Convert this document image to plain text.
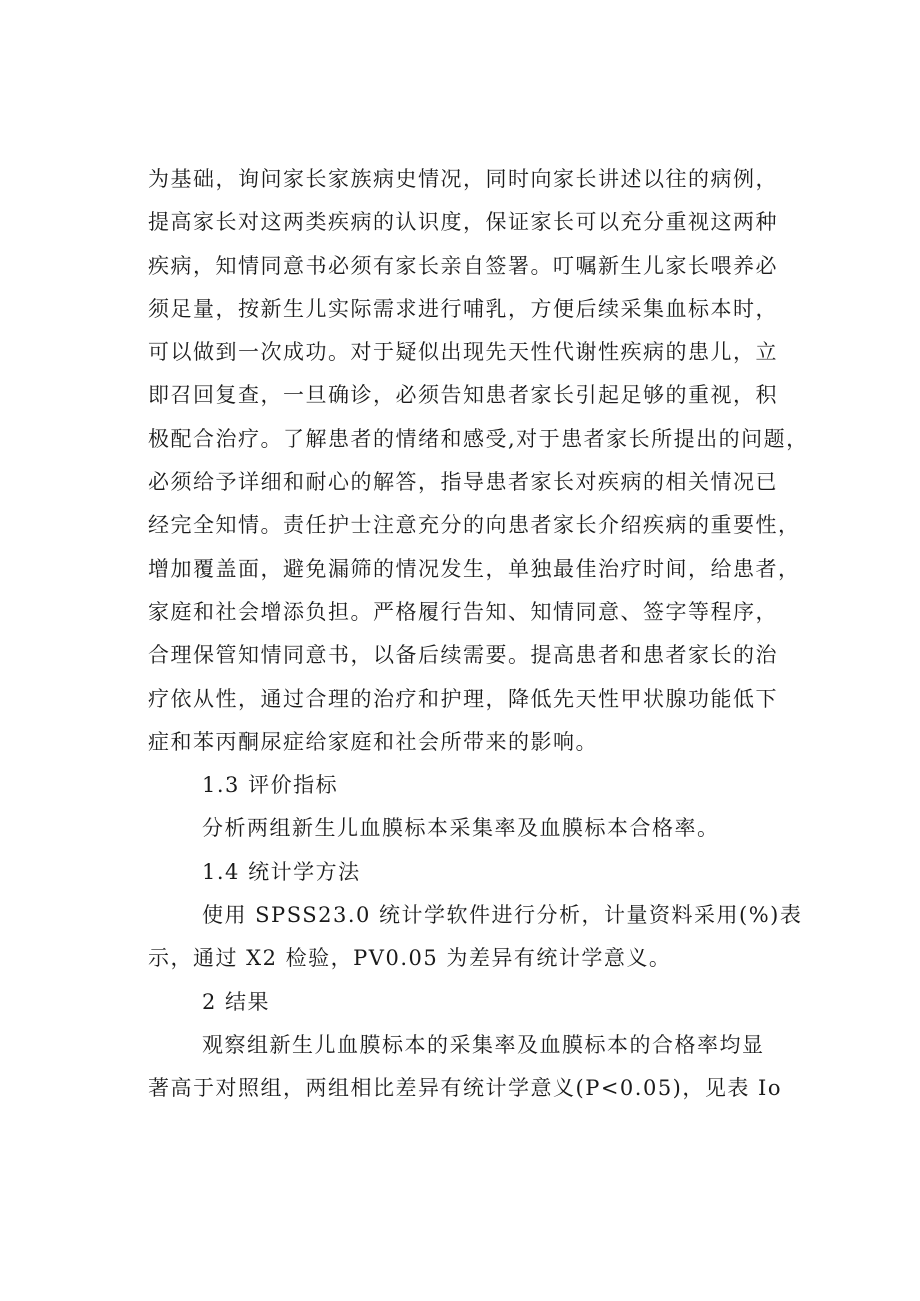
为基础，询问家长家族病史情况，同时向家长讲述以往的病例，
提高家长对这两类疾病的认识度，保证家长可以充分重视这两种
疾病，知情同意书必须有家长亲自签署。叮嘱新生儿家长喂养必
须足量，按新生儿实际需求进行哺乳，方便后续采集血标本时，
可以做到一次成功。对于疑似出现先天性代谢性疾病的患儿，立
即召回复查，一旦确诊，必须告知患者家长引起足够的重视，积
极配合治疗。了解患者的情绪和感受,对于患者家长所提出的问题，
必须给予详细和耐心的解答，指导患者家长对疾病的相关情况已
经完全知情。责任护士注意充分的向患者家长介绍疾病的重要性，
增加覆盖面，避免漏筛的情况发生，单独最佳治疗时间，给患者，
家庭和社会增添负担。严格履行告知、知情同意、签字等程序，
合理保管知情同意书，以备后续需要。提高患者和患者家长的治
疗依从性，通过合理的治疗和护理，降低先天性甲状腺功能低下
症和苯丙酮尿症给家庭和社会所带来的影响。
1.3 评价指标
分析两组新生儿血膜标本采集率及血膜标本合格率。
1.4 统计学方法
使用 SPSS23.0 统计学软件进行分析，计量资料采用(%)表
示，通过 X2 检验，PV0.05 为差异有统计学意义。
2 结果
观察组新生儿血膜标本的采集率及血膜标本的合格率均显
著高于对照组，两组相比差异有统计学意义(P<0.05)，见表 Io
